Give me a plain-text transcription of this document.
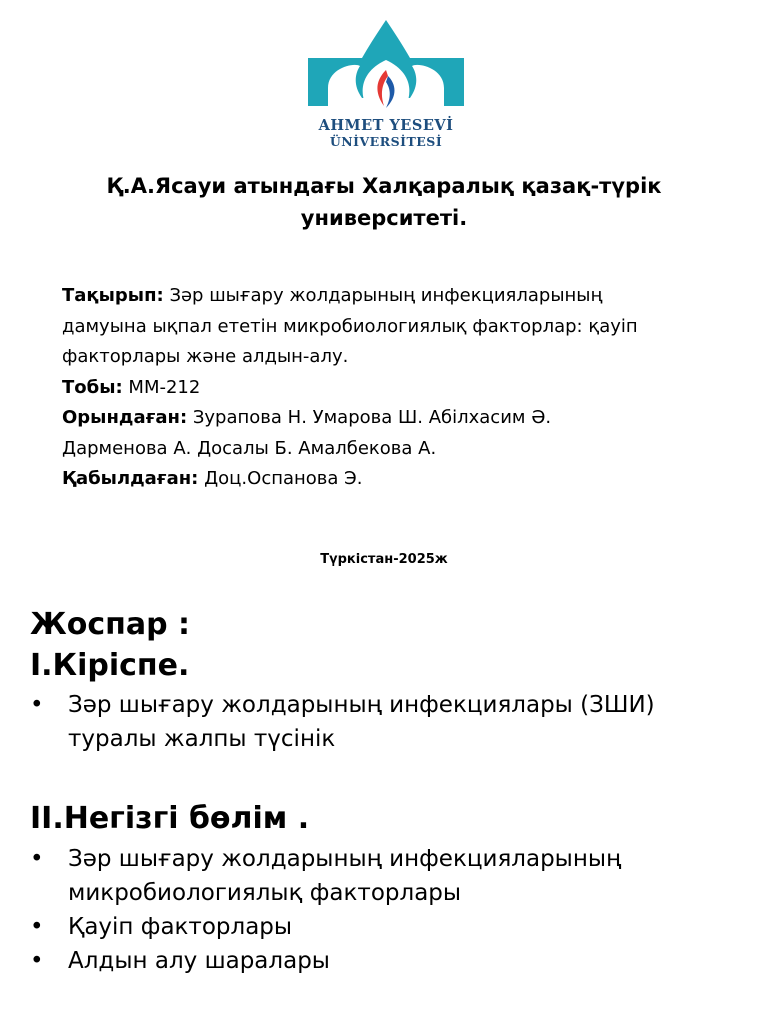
AHMET YESEVİ
ÜNİVERSİTESİ
Қ.А.Ясауи атындағы Халқаралық қазақ-түрік
университеті.

Тақырып: Зәр шығару жолдарының инфекцияларының

дамуына ықпал ететін микробиологиялық факторлар: қауіп

факторлары және алдын-алу.

Тобы: ММ-212

Орындаған: Зурапова Н. Умарова Ш. Абілхасим Ә.

Дарменова А. Досалы Б. Амалбекова А.

Қабылдаған: Доц.Оспанова Э.

Түркістан-2025ж
Жоспар :
I.Кіріспе.
• Зәр шығару жолдарының инфекциялары (ЗШИ)
туралы жалпы түсінік
II.Негізгі бөлім .
• Зәр шығару жолдарының инфекцияларының
микробиологиялық факторлары
• Қауіп факторлары
• Алдын алу шаралары
